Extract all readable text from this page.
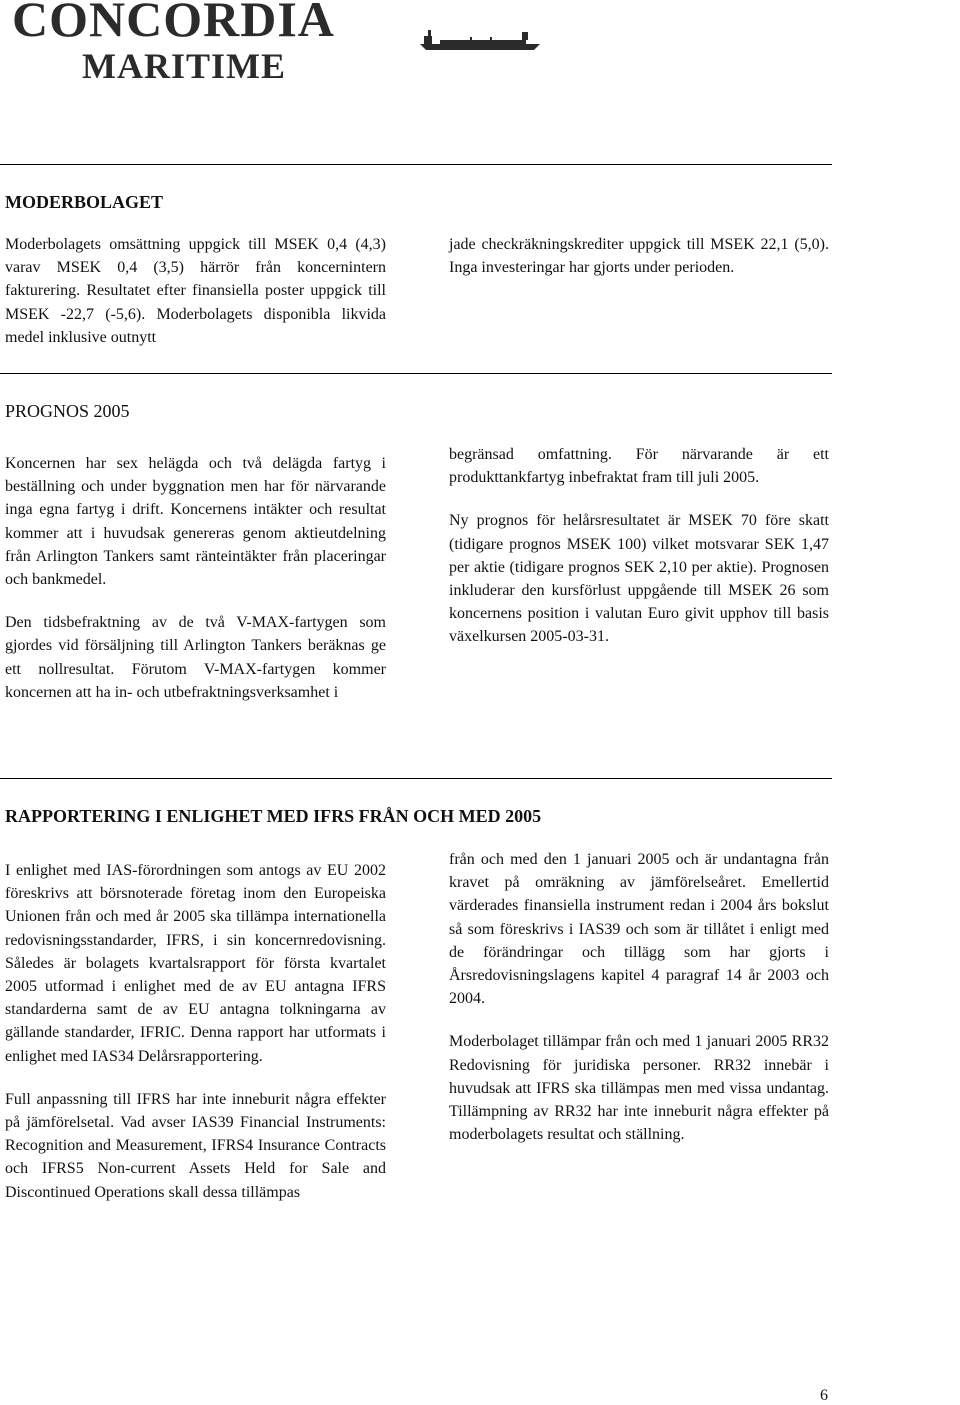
CONCORDIA
MARITIME
MODERBOLAGET

Moderbolagets omsättning uppgick till MSEK 0,4 (4,3) varav MSEK 0,4 (3,5) härrör från koncernintern fakturering. Resultatet efter finansiella poster uppgick till MSEK -22,7 (-5,6). Moderbolagets disponibla likvida medel inklusive outnytt

jade checkräkningskrediter uppgick till MSEK 22,1 (5,0). Inga investeringar har gjorts under perioden.

PROGNOS 2005

Koncernen har sex helägda och två delägda fartyg i beställning och under byggnation men har för närvarande inga egna fartyg i drift. Koncernens intäkter och resultat kommer att i huvudsak genereras genom aktieutdelning från Arlington Tankers samt ränteintäkter från placeringar och bankmedel.

Den tidsbefraktning av de två V-MAX-fartygen som gjordes vid försäljning till Arlington Tankers beräknas ge ett nollresultat. Förutom V-MAX-fartygen kommer koncernen att ha in- och utbefraktningsverksamhet i

begränsad omfattning. För närvarande är ett produkttankfartyg inbefraktat fram till juli 2005.

Ny prognos för helårsresultatet är MSEK 70 före skatt (tidigare prognos MSEK 100) vilket motsvarar SEK 1,47 per aktie (tidigare prognos SEK 2,10 per aktie). Prognosen inkluderar den kursförlust uppgående till MSEK 26 som koncernens position i valutan Euro givit upphov till basis växelkursen 2005-03-31.

RAPPORTERING I ENLIGHET MED IFRS FRÅN OCH MED 2005

I enlighet med IAS-förordningen som antogs av EU 2002 föreskrivs att börsnoterade företag inom den Europeiska Unionen från och med år 2005 ska tillämpa internationella redovisningsstandarder, IFRS, i sin koncernredovisning. Således är bolagets kvartalsrapport för första kvartalet 2005 utformad i enlighet med de av EU antagna IFRS standarderna samt de av EU antagna tolkningarna av gällande standarder, IFRIC. Denna rapport har utformats i enlighet med IAS34 Delårsrapportering.

Full anpassning till IFRS har inte inneburit några effekter på jämförelsetal. Vad avser IAS39 Financial Instruments: Recognition and Measurement, IFRS4 Insurance Contracts och IFRS5 Non-current Assets Held for Sale and Discontinued Operations skall dessa tillämpas

från och med den 1 januari 2005 och är undantagna från kravet på omräkning av jämförelseåret. Emellertid värderades finansiella instrument redan i 2004 års bokslut så som föreskrivs i IAS39 och som är tillåtet i enligt med de förändringar och tillägg som har gjorts i Årsredovisningslagens kapitel 4 paragraf 14 år 2003 och 2004.

Moderbolaget tillämpar från och med 1 januari 2005 RR32 Redovisning för juridiska personer. RR32 innebär i huvudsak att IFRS ska tillämpas men med vissa undantag. Tillämpning av RR32 har inte inneburit några effekter på moderbolagets resultat och ställning.

6
